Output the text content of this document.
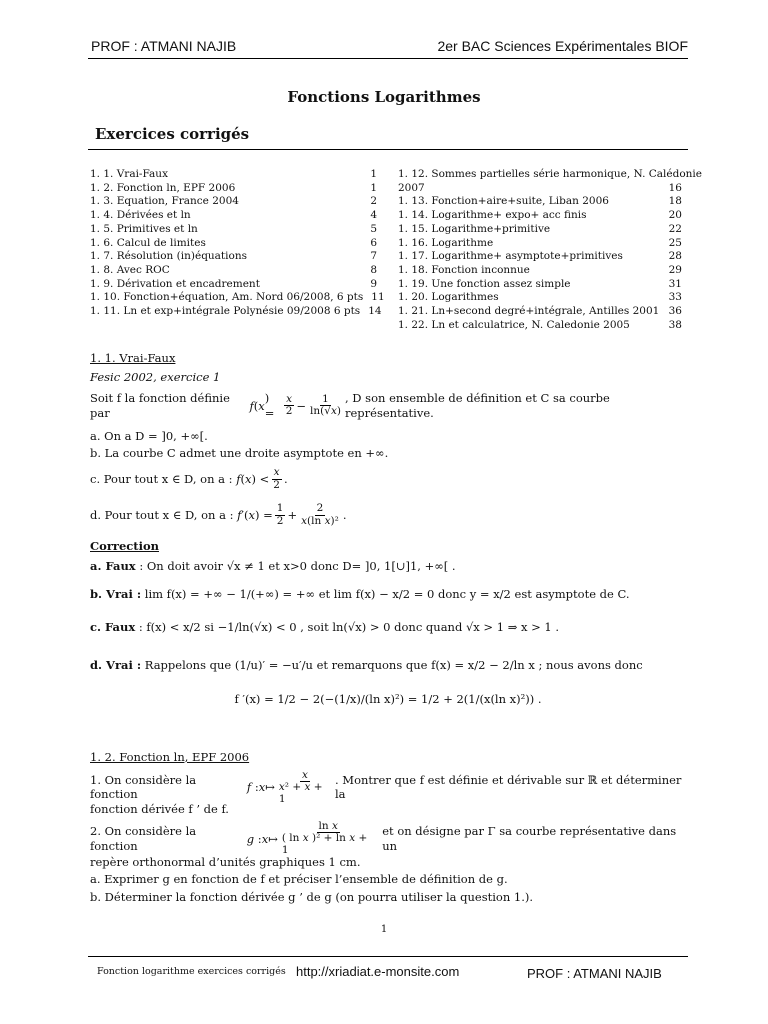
PROF : ATMANI NAJIB	2er BAC Sciences Expérimentales BIOF
Fonctions Logarithmes
Exercices corrigés
1. 1. Vrai-Faux	1
1. 2. Fonction ln, EPF 2006	1
1. 3. Equation, France 2004	2
1. 4. Dérivées et ln	4
1. 5. Primitives et ln	5
1. 6. Calcul de limites	6
1. 7. Résolution (in)équations	7
1. 8. Avec ROC	8
1. 9. Dérivation et encadrement	9
1. 10. Fonction+équation, Am. Nord 06/2008, 6 pts 11
1. 11. Ln et exp+intégrale Polynésie 09/2008 6 pts 14
1. 12. Sommes partielles série harmonique, N. Calédonie
2007	16
1. 13. Fonction+aire+suite, Liban 2006	18
1. 14. Logarithme+ expo+ acc finis	20
1. 15. Logarithme+primitive	22
1. 16. Logarithme	25
1. 17. Logarithme+ asymptote+primitives	28
1. 18. Fonction inconnue	29
1. 19. Une fonction assez simple	31
1. 20. Logarithmes	33
1. 21. Ln+second degré+intégrale, Antilles 2001 36
1. 22. Ln et calculatrice, N. Caledonie 2005	38
1. 1. Vrai-Faux
Fesic 2002, exercice 1
Soit f la fonction définie par

f ( x
) = $\frac{x}{2} - \frac{1}{\ln(√x)}$ , D son ensemble de définition et C sa courbe représentative.
a. On a D = ]0, +∞[.
b. La courbe C admet une droite asymptote en +∞.
c. Pour tout x ∈ D, on a :
f ( x ) < $\frac{x}{2}$ .
d. Pour tout x ∈ D, on a :
f ′( x ) = $\frac{1}{2} + \frac{2}{\text{x(ln x)²}}$ .
Correction
a. Faux : On doit avoir √x ≠ 1 et x>0 donc D= ]0, 1[∪]1, +∞[ .
b. Vrai : lim f(x) = +∞ − 1/(+∞) = +∞ et lim f(x) − x/2 = 0 donc y = x/2 est asymptote de C.
c. Faux : f(x) < x/2 si −1/ln(√x) < 0 , soit ln(√x) > 0 donc quand √x > 1 ⇒ x > 1 .
d. Vrai : Rappelons que (1/u)′ = −u′/u et remarquons que f(x) = x/2 − 2/ln x ; nous avons donc
f ′(x) = 1/2 − 2(−(1/x)/(ln x)²) = 1/2 + 2(1/(x(ln x)²)) .
1. 2. Fonction ln, EPF 2006
1. On considère la fonction

f : x ↦ $\frac{x}{\text{x² + x + 1}}$ . Montrer que f est définie et dérivable sur ℝ et déterminer la
fonction dérivée f ’ de f.
2. On considère la fonction

g : x ↦ $\frac{\text{ln x}}{\text{( ln x )² + ln x + 1}}$
et on désigne par Γ sa courbe représentative dans un
repère orthonormal d’unités graphiques 1 cm.
a. Exprimer g en fonction de f et préciser l’ensemble de définition de g.
b. Déterminer la fonction dérivée g ’ de g (on pourra utiliser la question 1.).
1
Fonction logarithme exercices corrigés http://xriadiat.e-monsite.com	PROF : ATMANI NAJIB
